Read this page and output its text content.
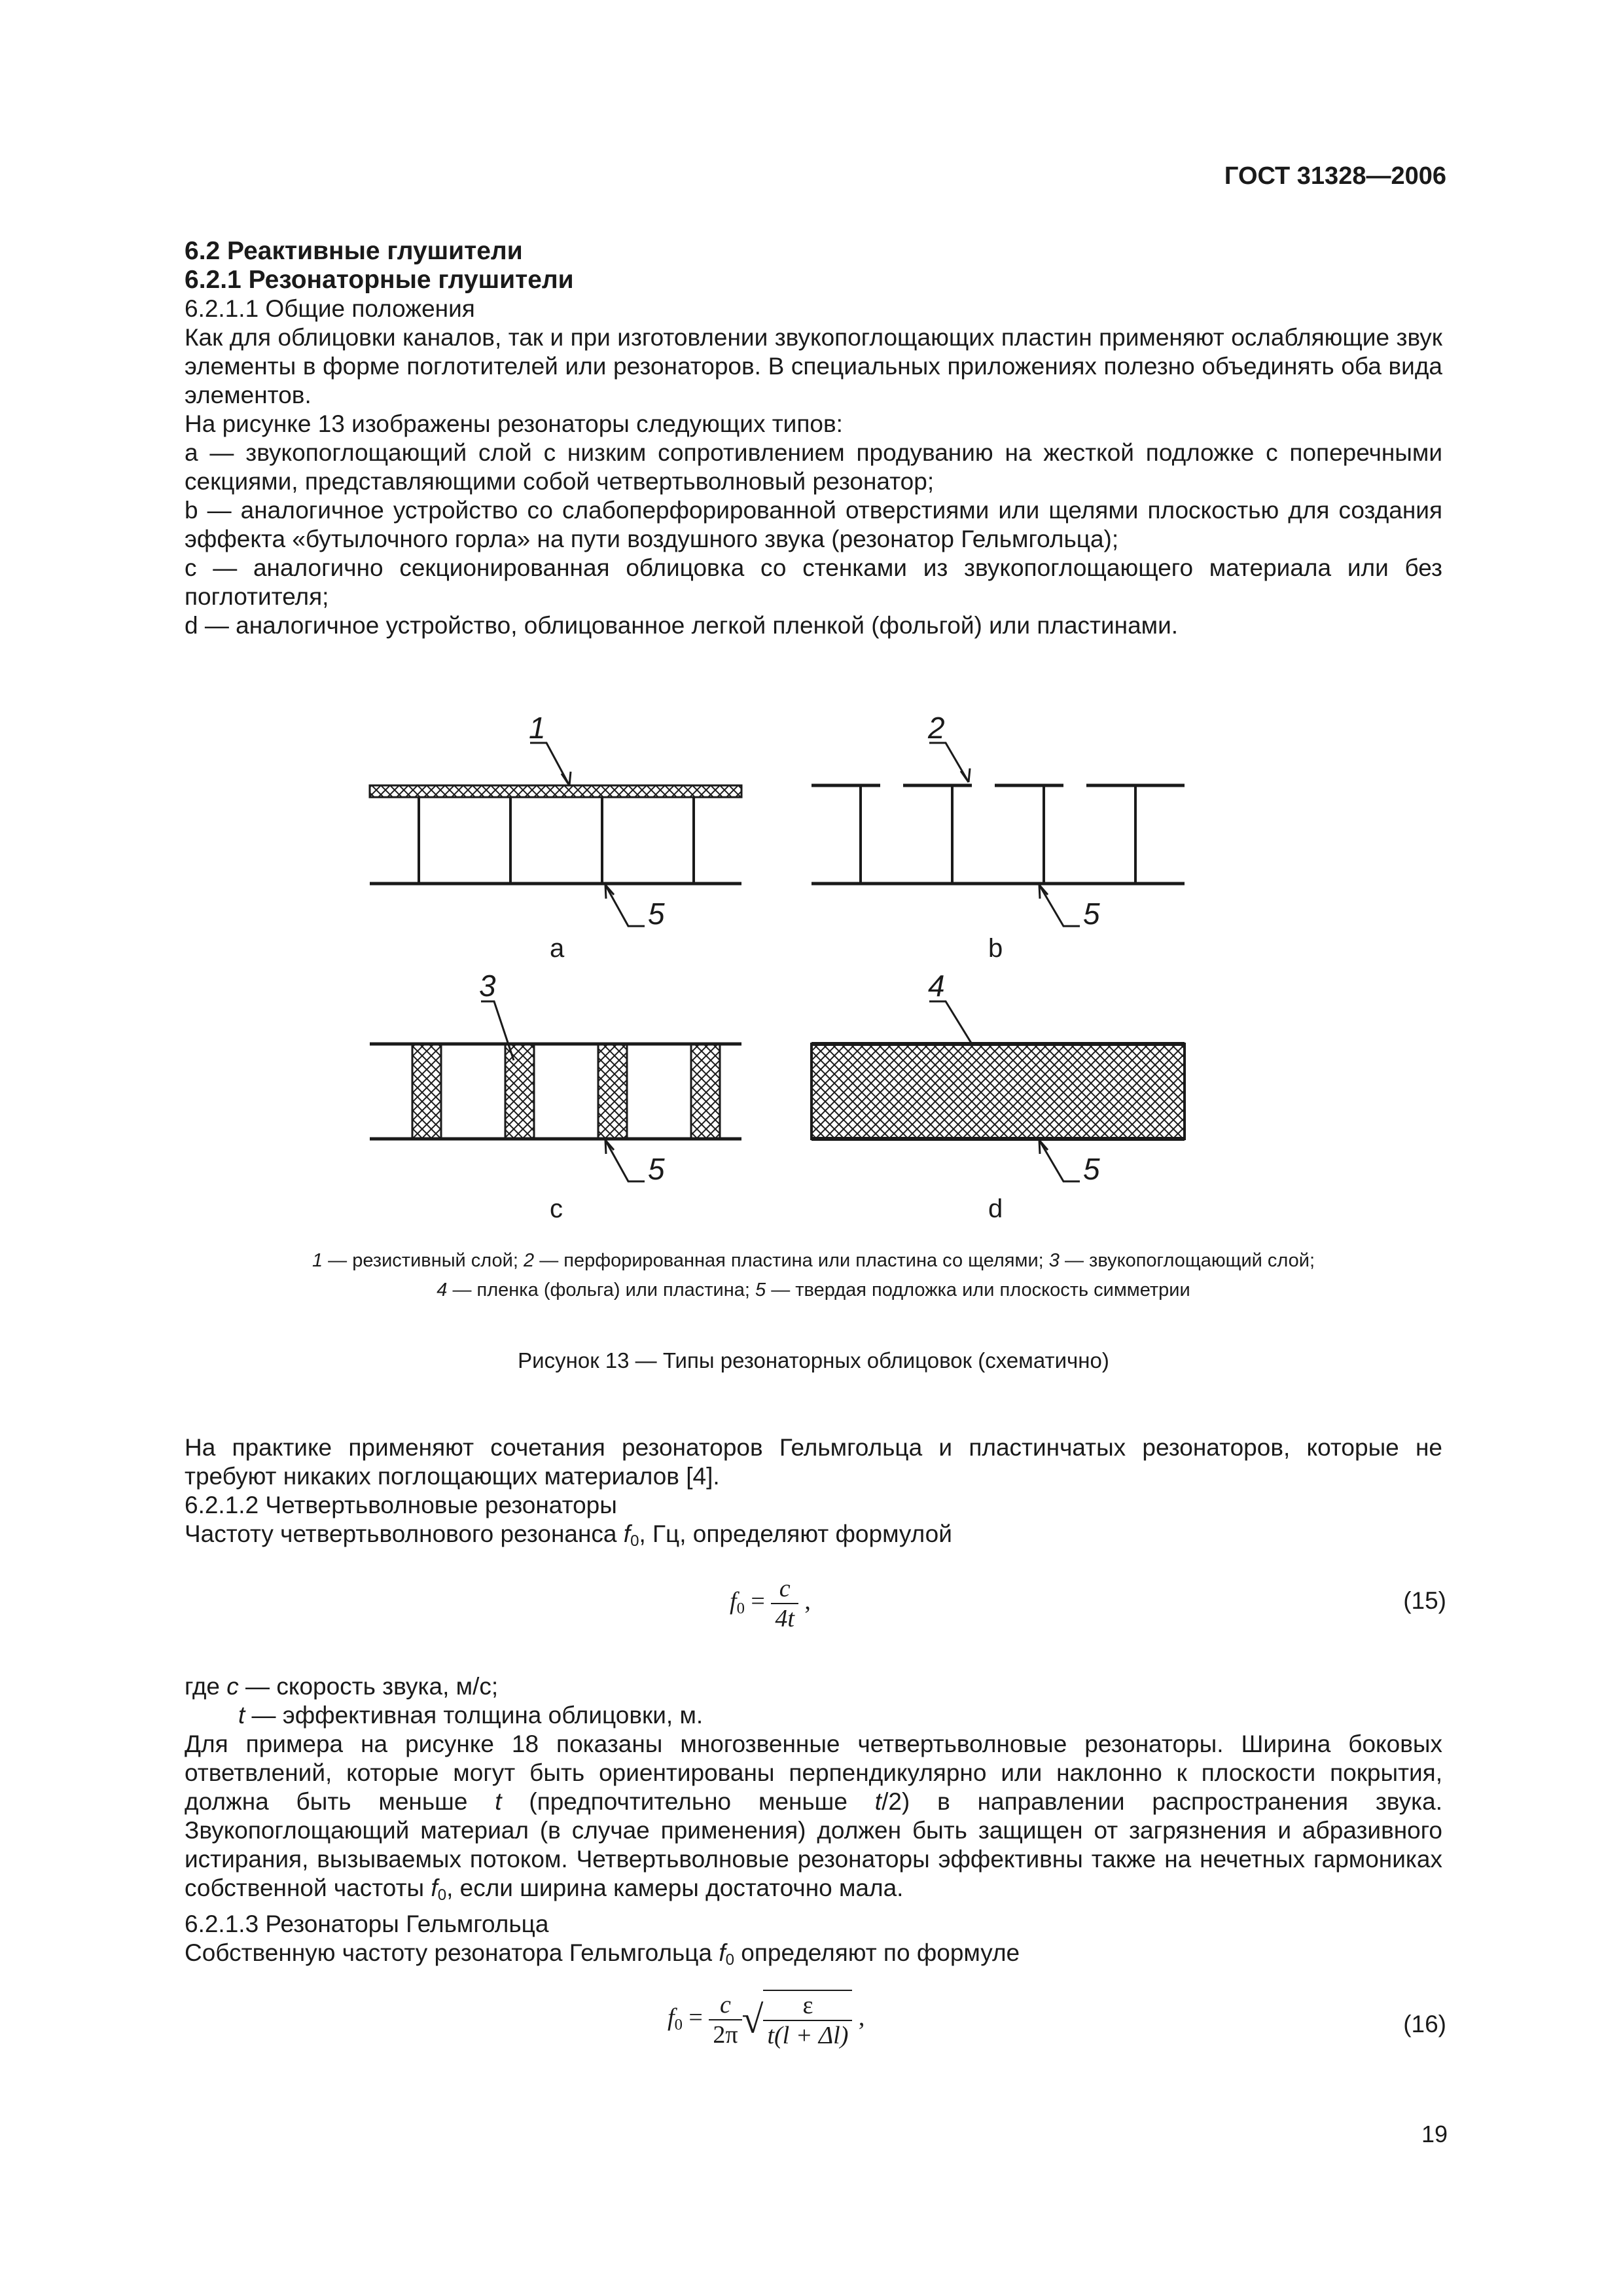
ГОСТ 31328—2006
6.2 Реактивные глушители
6.2.1 Резонаторные глушители
6.2.1.1 Общие положения

Как для облицовки каналов, так и при изготовлении звукопоглощающих пластин применяют ослабляющие звук элементы в форме поглотителей или резонаторов. В специальных приложениях полезно объединять оба вида элементов.

На рисунке 13 изображены резонаторы следующих типов:

a — звукопоглощающий слой с низким сопротивлением продуванию на жесткой подложке с поперечными секциями, представляющими собой четвертьволновый резонатор;

b — аналогичное устройство со слабоперфорированной отверстиями или щелями плоскостью для создания эффекта «бутылочного горла» на пути воздушного звука (резонатор Гельмгольца);

c — аналогично секционированная облицовка со стенками из звукопоглощающего материала или без поглотителя;

d — аналогичное устройство, облицованное легкой пленкой (фольгой) или пластинами.

1
5
a
2
5
b
3
5
c
4
5
d
1 — резистивный слой; 2 — перфорированная пластина или пластина со щелями; 3 — звукопоглощающий слой;
4 — пленка (фольга) или пластина; 5 — твердая подложка или плоскость симметрии
Рисунок 13 — Типы резонаторных облицовок (схематично)

На практике применяют сочетания резонаторов Гельмгольца и пластинчатых резонаторов, которые не требуют никаких поглощающих материалов [4].

6.2.1.2 Четвертьволновые резонаторы
Частоту четвертьволнового резонанса $f_0$, Гц, определяют формулой
$f_0 = \frac{c}{4t}$ ,	(15)
где c — скорость звука, м/с;
t — эффективная толщина облицовки, м.

Для примера на рисунке 18 показаны многозвенные четвертьволновые резонаторы. Ширина боковых ответвлений, которые могут быть ориентированы перпендикулярно или наклонно к плоскости покрытия, должна быть меньше t (предпочтительно меньше t/2) в направлении распространения звука. Звукопоглощающий материал (в случае применения) должен быть защищен от загрязнения и абразивного истирания, вызываемых потоком. Четвертьволновые резонаторы эффективны также на нечетных гармониках собственной частоты $f_0$, если ширина камеры достаточно мала.

6.2.1.3 Резонаторы Гельмгольца
Собственную частоту резонатора Гельмгольца $f_0$ определяют по формуле
$f_0 = \frac{c}{2\pi}$ √ $\frac{\varepsilon}{t(l + \Delta l)}$ ,	(16)
19
